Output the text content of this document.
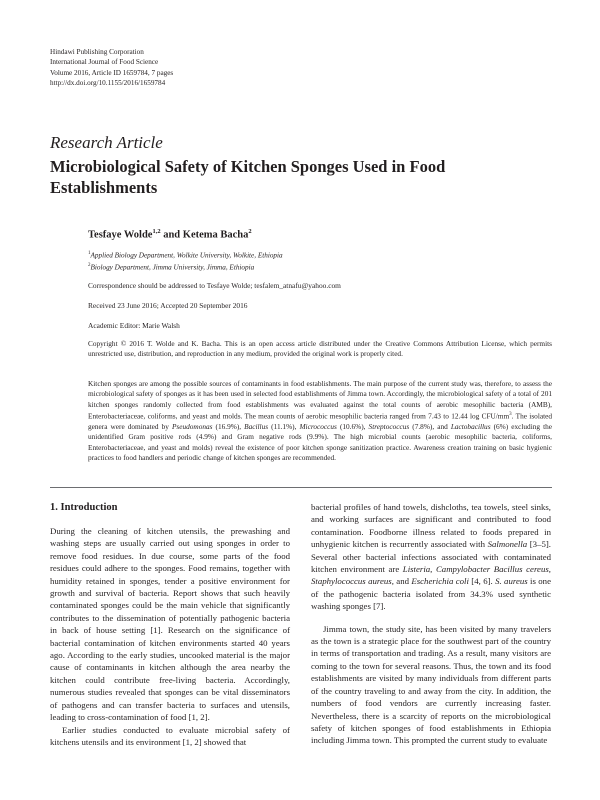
Hindawi Publishing Corporation
International Journal of Food Science
Volume 2016, Article ID 1659784, 7 pages
http://dx.doi.org/10.1155/2016/1659784
Research Article
Microbiological Safety of Kitchen Sponges Used in Food Establishments
Tesfaye Wolde$^{1,2}$ and Ketema Bacha$^2$
$^1$Applied Biology Department, Wolkite University, Wolkite, Ethiopia
$^2$Biology Department, Jimma University, Jimma, Ethiopia
Correspondence should be addressed to Tesfaye Wolde; tesfalem_atnafu@yahoo.com
Received 23 June 2016; Accepted 20 September 2016
Academic Editor: Marie Walsh
Copyright © 2016 T. Wolde and K. Bacha. This is an open access article distributed under the Creative Commons Attribution License, which permits unrestricted use, distribution, and reproduction in any medium, provided the original work is properly cited.
Kitchen sponges are among the possible sources of contaminants in food establishments. The main purpose of the current study was, therefore, to assess the microbiological safety of sponges as it has been used in selected food establishments of Jimma town. Accordingly, the microbiological safety of a total of 201 kitchen sponges randomly collected from food establishments was evaluated against the total counts of aerobic mesophilic bacteria (AMB), Enterobacteriaceae, coliforms, and yeast and molds. The mean counts of aerobic mesophilic bacteria ranged from 7.43 to 12.44 log CFU/$mm^3$. The isolated genera were dominated by Pseudomonas (16.9%), Bacillus (11.1%), Micrococcus (10.6%), Streptococcus (7.8%), and Lactobacillus (6%) excluding the unidentified Gram positive rods (4.9%) and Gram negative rods (9.9%). The high microbial counts (aerobic mesophilic bacteria, coliforms, Enterobacteriaceae, and yeast and molds) reveal the existence of poor kitchen sponge sanitization practice. Awareness creation training on basic hygienic practices to food handlers and periodic change of kitchen sponges are recommended.
1. Introduction

During the cleaning of kitchen utensils, the prewashing and washing steps are usually carried out using sponges in order to remove food residues. In due course, some parts of the food residues could adhere to the sponges. Food remains, together with humidity retained in sponges, tender a positive environment for growth and survival of bacteria. Report shows that such heavily contaminated sponges could be the main vehicle that significantly contributes to the dissemination of potentially pathogenic bacteria in back of house setting [1]. Research on the significance of bacterial contamination of kitchen environments started 40 years ago. According to the early studies, uncooked material is the major cause of contaminants in kitchen although the area nearby the kitchen could contribute free-living bacteria. Accordingly, numerous studies revealed that sponges can be vital disseminators of pathogens and can transfer bacteria to surfaces and utensils, leading to cross-contamination of food [1, 2].

Earlier studies conducted to evaluate microbial safety of kitchens utensils and its environment [1, 2] showed that

bacterial profiles of hand towels, dishcloths, tea towels, steel sinks, and working surfaces are significant and contributed to food contamination. Foodborne illness related to foods prepared in unhygienic kitchen is recurrently associated with Salmonella [3–5]. Several other bacterial infections associated with contaminated kitchen environment are Listeria, Campylobacter Bacillus cereus, Staphylococcus aureus, and Escherichia coli [4, 6]. S. aureus is one of the pathogenic bacteria isolated from 34.3% used synthetic washing sponges [7].

Jimma town, the study site, has been visited by many travelers as the town is a strategic place for the southwest part of the country in terms of transportation and trading. As a result, many visitors are coming to the town for several reasons. Thus, the town and its food establishments are visited by many individuals from different parts of the country traveling to and away from the city. In addition, the numbers of food vendors are currently increasing faster. Nevertheless, there is a scarcity of reports on the microbiological safety of kitchen sponges of food establishments in Ethiopia including Jimma town. This prompted the current study to evaluate
